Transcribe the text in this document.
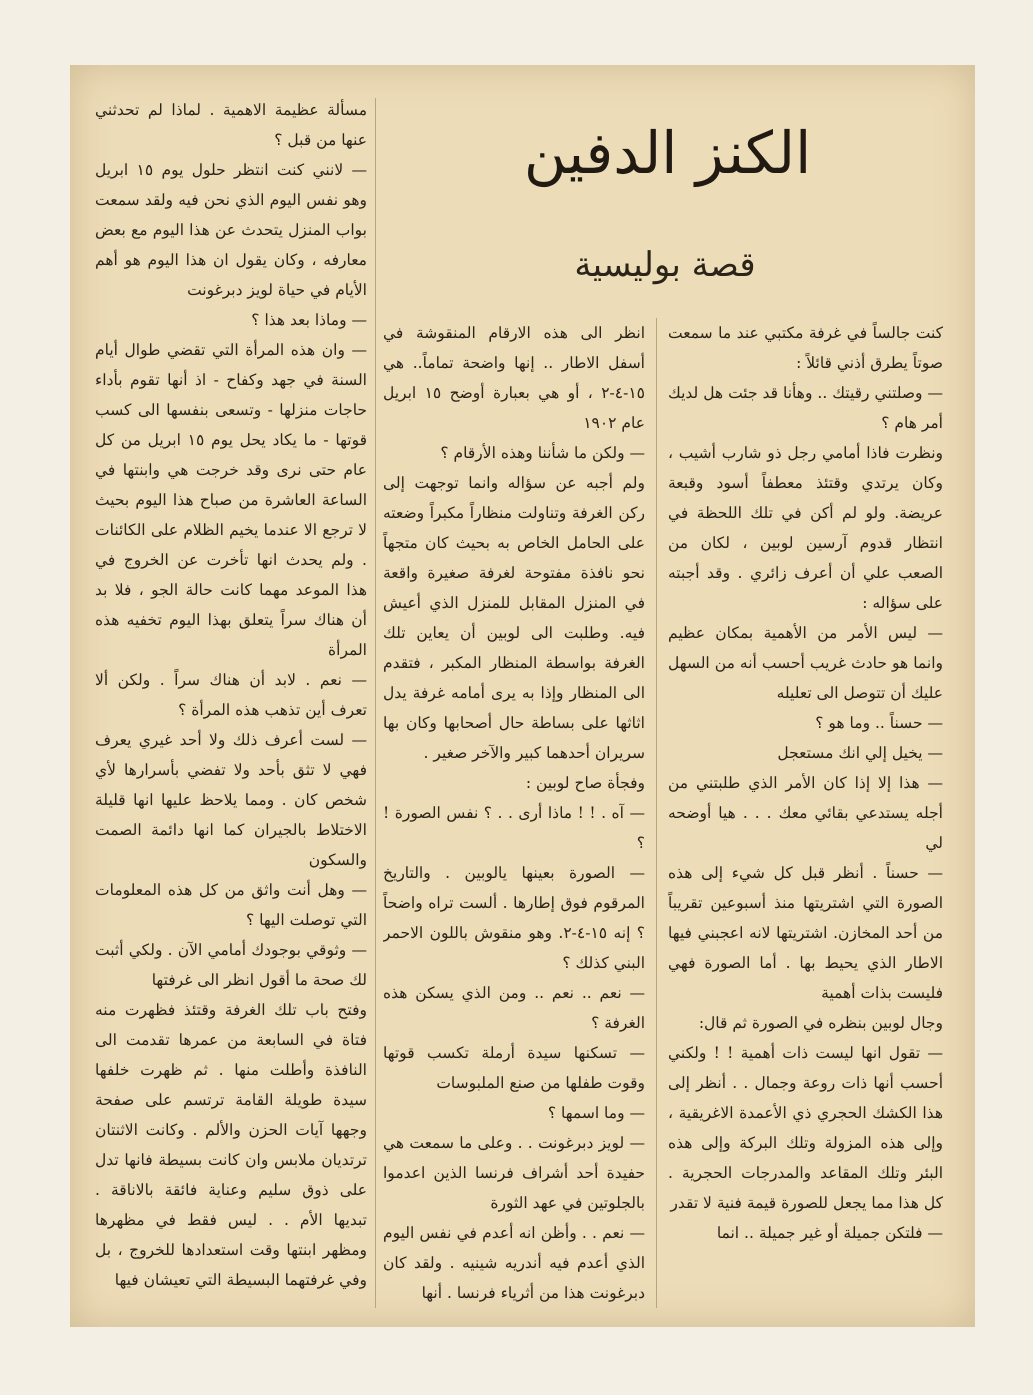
الكنز الدفين
قصة بوليسية

كنت جالساً في غرفة مكتبي عند ما سمعت صوتاً يطرق أذني قائلاً :

— وصلتني رقيتك .. وهأنا قد جئت هل لديك أمر هام ؟

ونظرت فاذا أمامي رجل ذو شارب أشيب ، وكان يرتدي وقتئذ معطفاً أسود وقبعة عريضة. ولو لم أكن في تلك اللحظة في انتظار قدوم آرسين لوبين ، لكان من الصعب علي أن أعرف زائري . وقد أجبته على سؤاله :

— ليس الأمر من الأهمية بمكان عظيم وانما هو حادث غريب أحسب أنه من السهل عليك أن تتوصل الى تعليله

— حسناً .. وما هو ؟

— يخيل إلي انك مستعجل

— هذا إلا إذا كان الأمر الذي طلبتني من أجله يستدعي بقائي معك . . . هيا أوضحه لي

— حسناً . أنظر قبل كل شيء إلى هذه الصورة التي اشتريتها منذ أسبوعين تقريباً من أحد المخازن. اشتريتها لانه اعجبني فيها الاطار الذي يحيط بها . أما الصورة فهي فليست بذات أهمية

وجال لوبين بنظره في الصورة ثم قال:

— تقول انها ليست ذات أهمية ! ! ولكني أحسب أنها ذات روعة وجمال . . أنظر إلى هذا الكشك الحجري ذي الأعمدة الاغريقية ، وإلى هذه المزولة وتلك البركة وإلى هذه البئر وتلك المقاعد والمدرجات الحجرية . كل هذا مما يجعل للصورة قيمة فنية لا تقدر

— فلتكن جميلة أو غير جميلة .. انما

انظر الى هذه الارقام المنقوشة في أسفل الاطار .. إنها واضحة تماماً.. هي ١٥-٤-٢ ، أو هي بعبارة أوضح ١٥ ابريل عام ١٩٠٢

— ولكن ما شأننا وهذه الأرقام ؟

ولم أجبه عن سؤاله وانما توجهت إلى ركن الغرفة وتناولت منظاراً مكبراً وضعته على الحامل الخاص به بحيث كان متجهاً نحو نافذة مفتوحة لغرفة صغيرة واقعة في المنزل المقابل للمنزل الذي أعيش فيه. وطلبت الى لوبين أن يعاين تلك الغرفة بواسطة المنظار المكبر ، فتقدم الى المنظار وإذا به يرى أمامه غرفة يدل اثاثها على بساطة حال أصحابها وكان بها سريران أحدهما كبير والآخر صغير .

وفجأة صاح لوبين :

— آه . ! ! ماذا أرى . . ؟ نفس الصورة ! ؟

— الصورة بعينها يالوبين . والتاريخ المرقوم فوق إطارها . ألست تراه واضحاً ؟ إنه ١٥-٤-٢. وهو منقوش باللون الاحمر البني كذلك ؟

— نعم .. نعم .. ومن الذي يسكن هذه الغرفة ؟

— تسكنها سيدة أرملة تكسب قوتها وقوت طفلها من صنع الملبوسات

— وما اسمها ؟

— لويز دبرغونت . . وعلى ما سمعت هي حفيدة أحد أشراف فرنسا الذين اعدموا بالجلوتين في عهد الثورة

— نعم . . وأظن انه أعدم في نفس اليوم الذي أعدم فيه أندريه شينيه . ولقد كان دبرغونت هذا من أثرياء فرنسا . أنها

مسألة عظيمة الاهمية . لماذا لم تحدثني عنها من قبل ؟

— لانني كنت انتظر حلول يوم ١٥ ابريل وهو نفس اليوم الذي نحن فيه ولقد سمعت بواب المنزل يتحدث عن هذا اليوم مع بعض معارفه ، وكان يقول ان هذا اليوم هو أهم الأيام في حياة لويز دبرغونت

— وماذا بعد هذا ؟

— وان هذه المرأة التي تقضي طوال أيام السنة في جهد وكفاح - اذ أنها تقوم بأداء حاجات منزلها - وتسعى بنفسها الى كسب قوتها - ما يكاد يحل يوم ١٥ ابريل من كل عام حتى نرى وقد خرجت هي وابنتها في الساعة العاشرة من صباح هذا اليوم بحيث لا ترجع الا عندما يخيم الظلام على الكائنات . ولم يحدث انها تأخرت عن الخروج في هذا الموعد مهما كانت حالة الجو ، فلا بد أن هناك سراً يتعلق بهذا اليوم تخفيه هذه المرأة

— نعم . لابد أن هناك سراً . ولكن ألا تعرف أين تذهب هذه المرأة ؟

— لست أعرف ذلك ولا أحد غيري يعرف فهي لا تثق بأحد ولا تفضي بأسرارها لأي شخص كان . ومما يلاحظ عليها انها قليلة الاختلاط بالجيران كما انها دائمة الصمت والسكون

— وهل أنت واثق من كل هذه المعلومات التي توصلت اليها ؟

— وثوقي بوجودك أمامي الآن . ولكي أثبت لك صحة ما أقول انظر الى غرفتها

وفتح باب تلك الغرفة وقتئذ فظهرت منه فتاة في السابعة من عمرها تقدمت الى النافذة وأطلت منها . ثم ظهرت خلفها سيدة طويلة القامة ترتسم على صفحة وجهها آيات الحزن والألم . وكانت الاثنتان ترتديان ملابس وان كانت بسيطة فانها تدل على ذوق سليم وعناية فائقة بالاناقة . تبديها الأم . . ليس فقط في مظهرها ومظهر ابنتها وقت استعدادها للخروج ، بل وفي غرفتهما البسيطة التي تعيشان فيها
